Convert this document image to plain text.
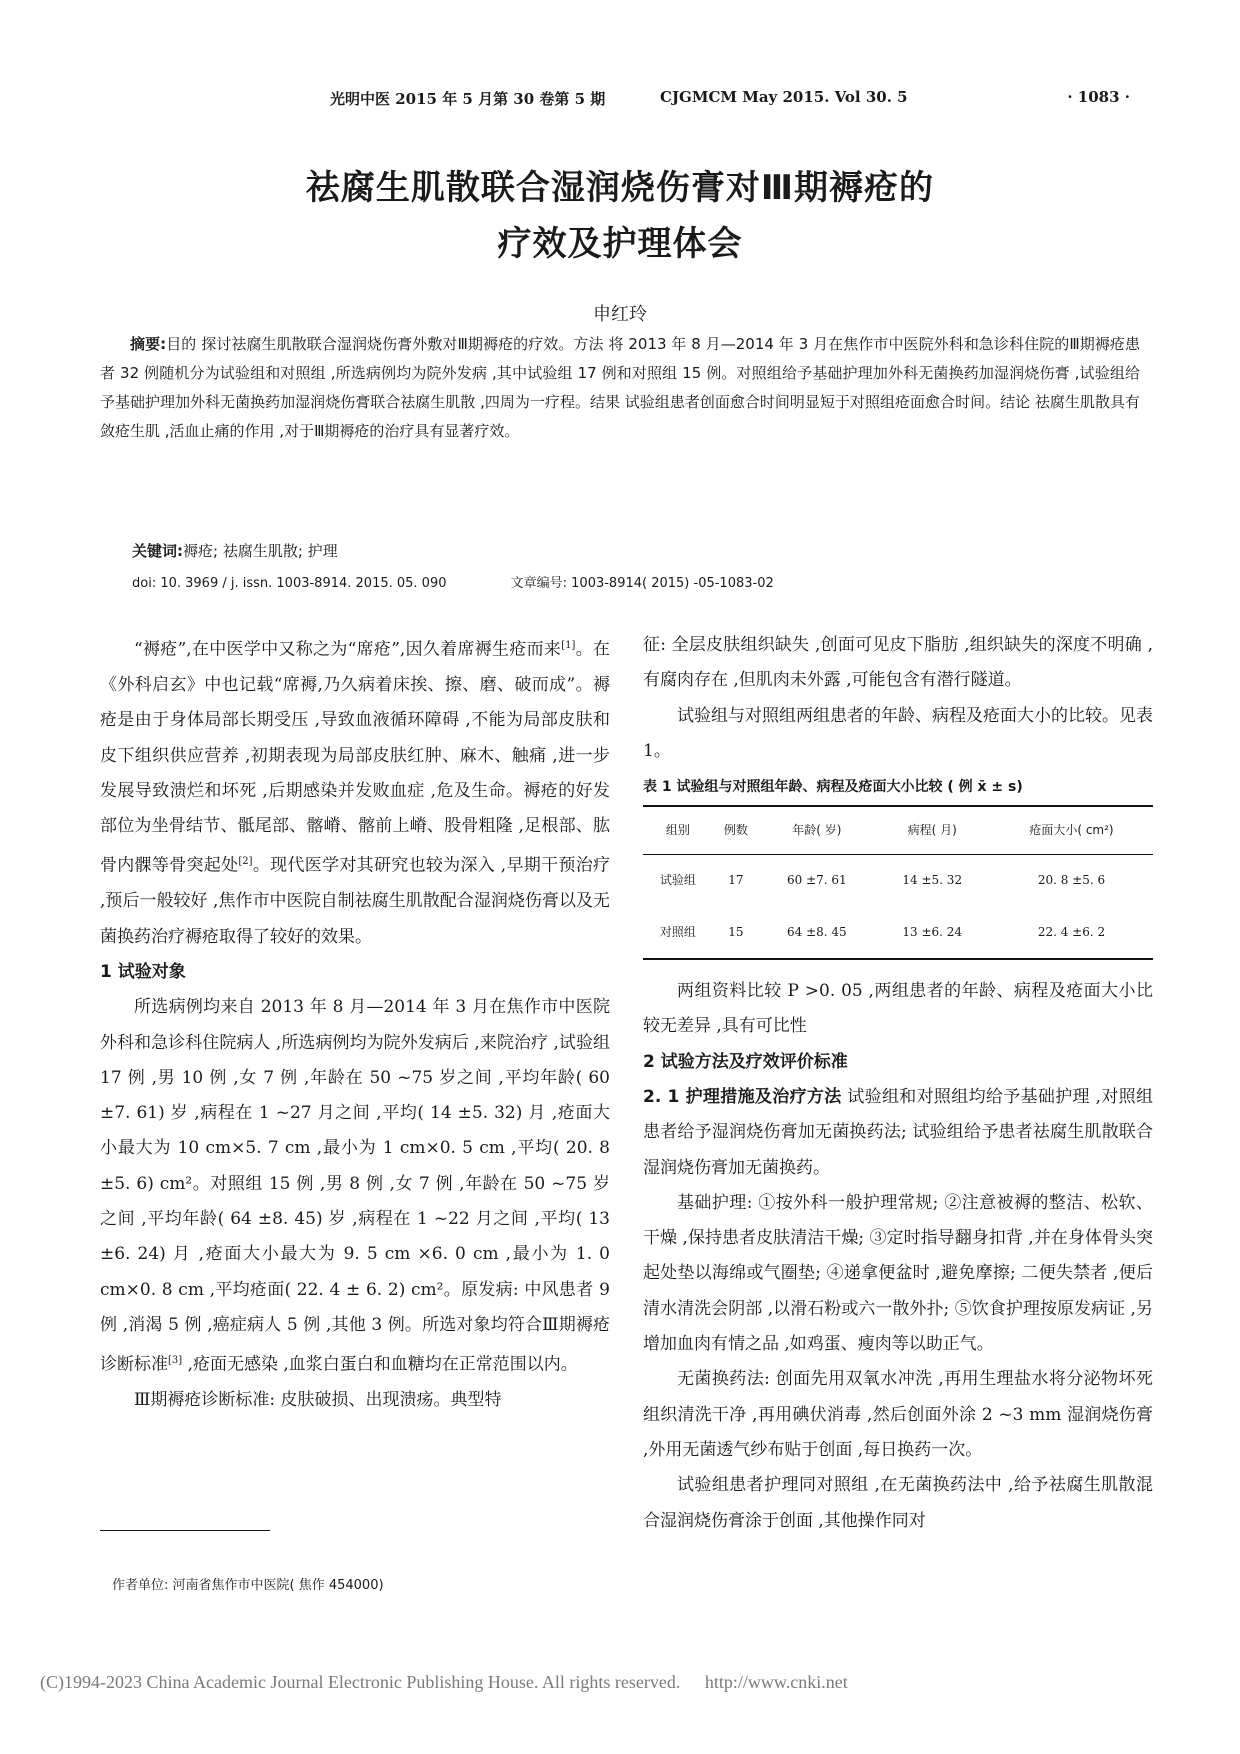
光明中医 2015 年 5 月第 30 卷第 5 期	CJGMCM May 2015. Vol 30. 5	· 1083 ·
祛腐生肌散联合湿润烧伤膏对Ⅲ期褥疮的
疗效及护理体会
申红玲
摘要:目的 探讨祛腐生肌散联合湿润烧伤膏外敷对Ⅲ期褥疮的疗效。方法 将 2013 年 8 月—2014 年 3 月在焦作市中医院外科和急诊科住院的Ⅲ期褥疮患者 32 例随机分为试验组和对照组 ,所选病例均为院外发病 ,其中试验组 17 例和对照组 15 例。对照组给予基础护理加外科无菌换药加湿润烧伤膏 ,试验组给予基础护理加外科无菌换药加湿润烧伤膏联合祛腐生肌散 ,四周为一疗程。结果 试验组患者创面愈合时间明显短于对照组疮面愈合时间。结论 祛腐生肌散具有敛疮生肌 ,活血止痛的作用 ,对于Ⅲ期褥疮的治疗具有显著疗效。
关键词:褥疮; 祛腐生肌散; 护理
doi: 10. 3969 / j. issn. 1003-8914. 2015. 05. 090	文章编号: 1003-8914( 2015) -05-1083-02

“褥疮”,在中医学中又称之为“席疮”,因久着席褥生疮而来[1]。在《外科启玄》中也记载“席褥,乃久病着床挨、擦、磨、破而成”。褥疮是由于身体局部长期受压 ,导致血液循环障碍 ,不能为局部皮肤和皮下组织供应营养 ,初期表现为局部皮肤红肿、麻木、触痛 ,进一步发展导致溃烂和坏死 ,后期感染并发败血症 ,危及生命。褥疮的好发部位为坐骨结节、骶尾部、髂嵴、髂前上嵴、股骨粗隆 ,足根部、肱骨内髁等骨突起处[2]。现代医学对其研究也较为深入 ,早期干预治疗 ,预后一般较好 ,焦作市中医院自制祛腐生肌散配合湿润烧伤膏以及无菌换药治疗褥疮取得了较好的效果。

1 试验对象

所选病例均来自 2013 年 8 月—2014 年 3 月在焦作市中医院外科和急诊科住院病人 ,所选病例均为院外发病后 ,来院治疗 ,试验组 17 例 ,男 10 例 ,女 7 例 ,年龄在 50 ~75 岁之间 ,平均年龄( 60 ±7. 61) 岁 ,病程在 1 ~27 月之间 ,平均( 14 ±5. 32) 月 ,疮面大小最大为 10 cm×5. 7 cm ,最小为 1 cm×0. 5 cm ,平均( 20. 8 ±5. 6) cm²。对照组 15 例 ,男 8 例 ,女 7 例 ,年龄在 50 ~75 岁之间 ,平均年龄( 64 ±8. 45) 岁 ,病程在 1 ~22 月之间 ,平均( 13 ±6. 24) 月 ,疮面大小最大为 9. 5 cm ×6. 0 cm ,最小为 1. 0 cm×0. 8 cm ,平均疮面( 22. 4 ± 6. 2) cm²。原发病: 中风患者 9 例 ,消渴 5 例 ,癌症病人 5 例 ,其他 3 例。所选对象均符合Ⅲ期褥疮诊断标准[3] ,疮面无感染 ,血浆白蛋白和血糖均在正常范围以内。

Ⅲ期褥疮诊断标准: 皮肤破损、出现溃疡。典型特

征: 全层皮肤组织缺失 ,创面可见皮下脂肪 ,组织缺失的深度不明确 ,有腐肉存在 ,但肌肉未外露 ,可能包含有潜行隧道。

试验组与对照组两组患者的年龄、病程及疮面大小的比较。见表 1。

表 1 试验组与对照组年龄、病程及疮面大小比较 ( 例 x̄ ± s)
组别	例数	年龄( 岁)	病程( 月)	疮面大小( cm²)
试验组	17	60 ±7. 61	14 ±5. 32	20. 8 ±5. 6
对照组	15	64 ±8. 45	13 ±6. 24	22. 4 ±6. 2

两组资料比较 P >0. 05 ,两组患者的年龄、病程及疮面大小比较无差异 ,具有可比性

2 试验方法及疗效评价标准

2. 1 护理措施及治疗方法 试验组和对照组均给予基础护理 ,对照组患者给予湿润烧伤膏加无菌换药法; 试验组给予患者祛腐生肌散联合湿润烧伤膏加无菌换药。

基础护理: ①按外科一般护理常规; ②注意被褥的整洁、松软、干燥 ,保持患者皮肤清洁干燥; ③定时指导翻身扣背 ,并在身体骨头突起处垫以海绵或气圈垫; ④递拿便盆时 ,避免摩擦; 二便失禁者 ,便后清水清洗会阴部 ,以滑石粉或六一散外扑; ⑤饮食护理按原发病证 ,另增加血肉有情之品 ,如鸡蛋、瘦肉等以助正气。

无菌换药法: 创面先用双氧水冲洗 ,再用生理盐水将分泌物坏死组织清洗干净 ,再用碘伏消毒 ,然后创面外涂 2 ~3 mm 湿润烧伤膏 ,外用无菌透气纱布贴于创面 ,每日换药一次。

试验组患者护理同对照组 ,在无菌换药法中 ,给予祛腐生肌散混合湿润烧伤膏涂于创面 ,其他操作同对

作者单位: 河南省焦作市中医院( 焦作 454000)
(C)1994-2023 China Academic Journal Electronic Publishing House. All rights reserved. http://www.cnki.net
